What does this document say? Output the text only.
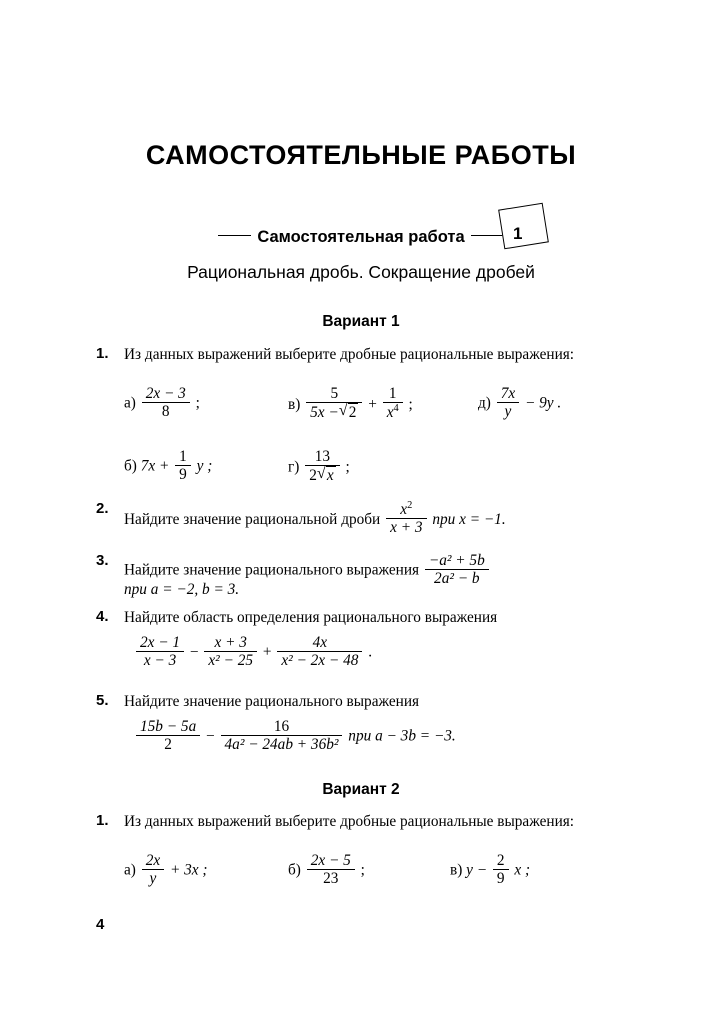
САМОСТОЯТЕЛЬНЫЕ РАБОТЫ
Самостоятельная работа	1
Рациональная дробь. Сокращение дробей
Вариант 1
1. Из данных выражений выберите дробные рациональные выражения:
$а) \frac{2x - 3}{8}$ ;
б) $7x + \frac{1}{9}$ y ;
$в) \frac{5}{5x - √ 2} + \frac{1}{x^4}$ ;
$г) \frac{13}{2 √ x}$ ;
$д) \frac{7x}{y} - 9y$ .
2.
Найдите значение рациональной дроби $\frac{x^2}{x + 3}$ при x = −1.
3.
Найдите значение рационального выражения $\frac{\text{−a² + 5b}}{\text{2a² − b}}$
при a = −2, b = 3.
4. Найдите область определения рационального выражения
$\frac{2x - 1}{x - 3} - \frac{x + 3}{\text{x² − 25}} + \frac{4x}{\text{x² − 2x − 48}}$ .
5. Найдите значение рационального выражения
$\frac{15b - 5a}{2} - \frac{16}{\text{4a² − 24ab + 36b²}}$ при a − 3b = −3.
Вариант 2
1. Из данных выражений выберите дробные рациональные выражения:
$а) \frac{2x}{y} + 3x$ ;	$б) \frac{2x - 5}{23}$ ;	в) $y - \frac{2}{9}$ x ;
4
